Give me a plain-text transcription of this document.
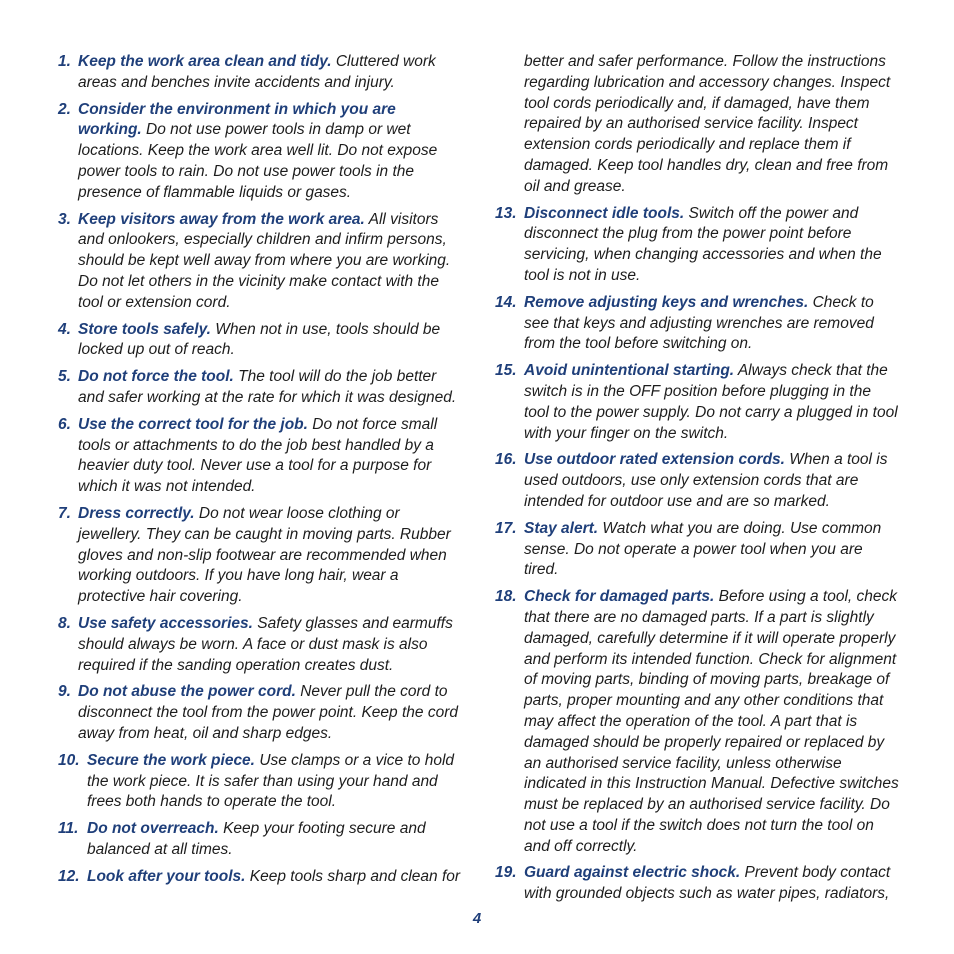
1. Keep the work area clean and tidy. Cluttered work areas and benches invite accidents and injury.
2. Consider the environment in which you are working. Do not use power tools in damp or wet locations. Keep the work area well lit. Do not expose power tools to rain. Do not use power tools in the presence of flammable liquids or gases.
3. Keep visitors away from the work area. All visitors and onlookers, especially children and infirm persons, should be kept well away from where you are working. Do not let others in the vicinity make contact with the tool or extension cord.
4. Store tools safely. When not in use, tools should be locked up out of reach.
5. Do not force the tool. The tool will do the job better and safer working at the rate for which it was designed.
6. Use the correct tool for the job. Do not force small tools or attachments to do the job best handled by a heavier duty tool. Never use a tool for a purpose for which it was not intended.
7. Dress correctly. Do not wear loose clothing or jewellery. They can be caught in moving parts. Rubber gloves and non-slip footwear are recommended when working outdoors. If you have long hair, wear a protective hair covering.
8. Use safety accessories. Safety glasses and earmuffs should always be worn. A face or dust mask is also required if the sanding operation creates dust.
9. Do not abuse the power cord. Never pull the cord to disconnect the tool from the power point. Keep the cord away from heat, oil and sharp edges.
10. Secure the work piece. Use clamps or a vice to hold the work piece. It is safer than using your hand and frees both hands to operate the tool.
11. Do not overreach. Keep your footing secure and balanced at all times.
12. Look after your tools. Keep tools sharp and clean for
better and safer performance. Follow the instructions regarding lubrication and accessory changes. Inspect tool cords periodically and, if damaged, have them repaired by an authorised service facility. Inspect extension cords periodically and replace them if damaged. Keep tool handles dry, clean and free from oil and grease.
13. Disconnect idle tools. Switch off the power and disconnect the plug from the power point before servicing, when changing accessories and when the tool is not in use.
14. Remove adjusting keys and wrenches. Check to see that keys and adjusting wrenches are removed from the tool before switching on.
15. Avoid unintentional starting. Always check that the switch is in the OFF position before plugging in the tool to the power supply. Do not carry a plugged in tool with your finger on the switch.
16. Use outdoor rated extension cords. When a tool is used outdoors, use only extension cords that are intended for outdoor use and are so marked.
17. Stay alert. Watch what you are doing. Use common sense. Do not operate a power tool when you are tired.
18. Check for damaged parts. Before using a tool, check that there are no damaged parts. If a part is slightly damaged, carefully determine if it will operate properly and perform its intended function. Check for alignment of moving parts, binding of moving parts, breakage of parts, proper mounting and any other conditions that may affect the operation of the tool. A part that is damaged should be properly repaired or replaced by an authorised service facility, unless otherwise indicated in this Instruction Manual. Defective switches must be replaced by an authorised service facility. Do not use a tool if the switch does not turn the tool on and off correctly.
19. Guard against electric shock. Prevent body contact with grounded objects such as water pipes, radiators,
4
